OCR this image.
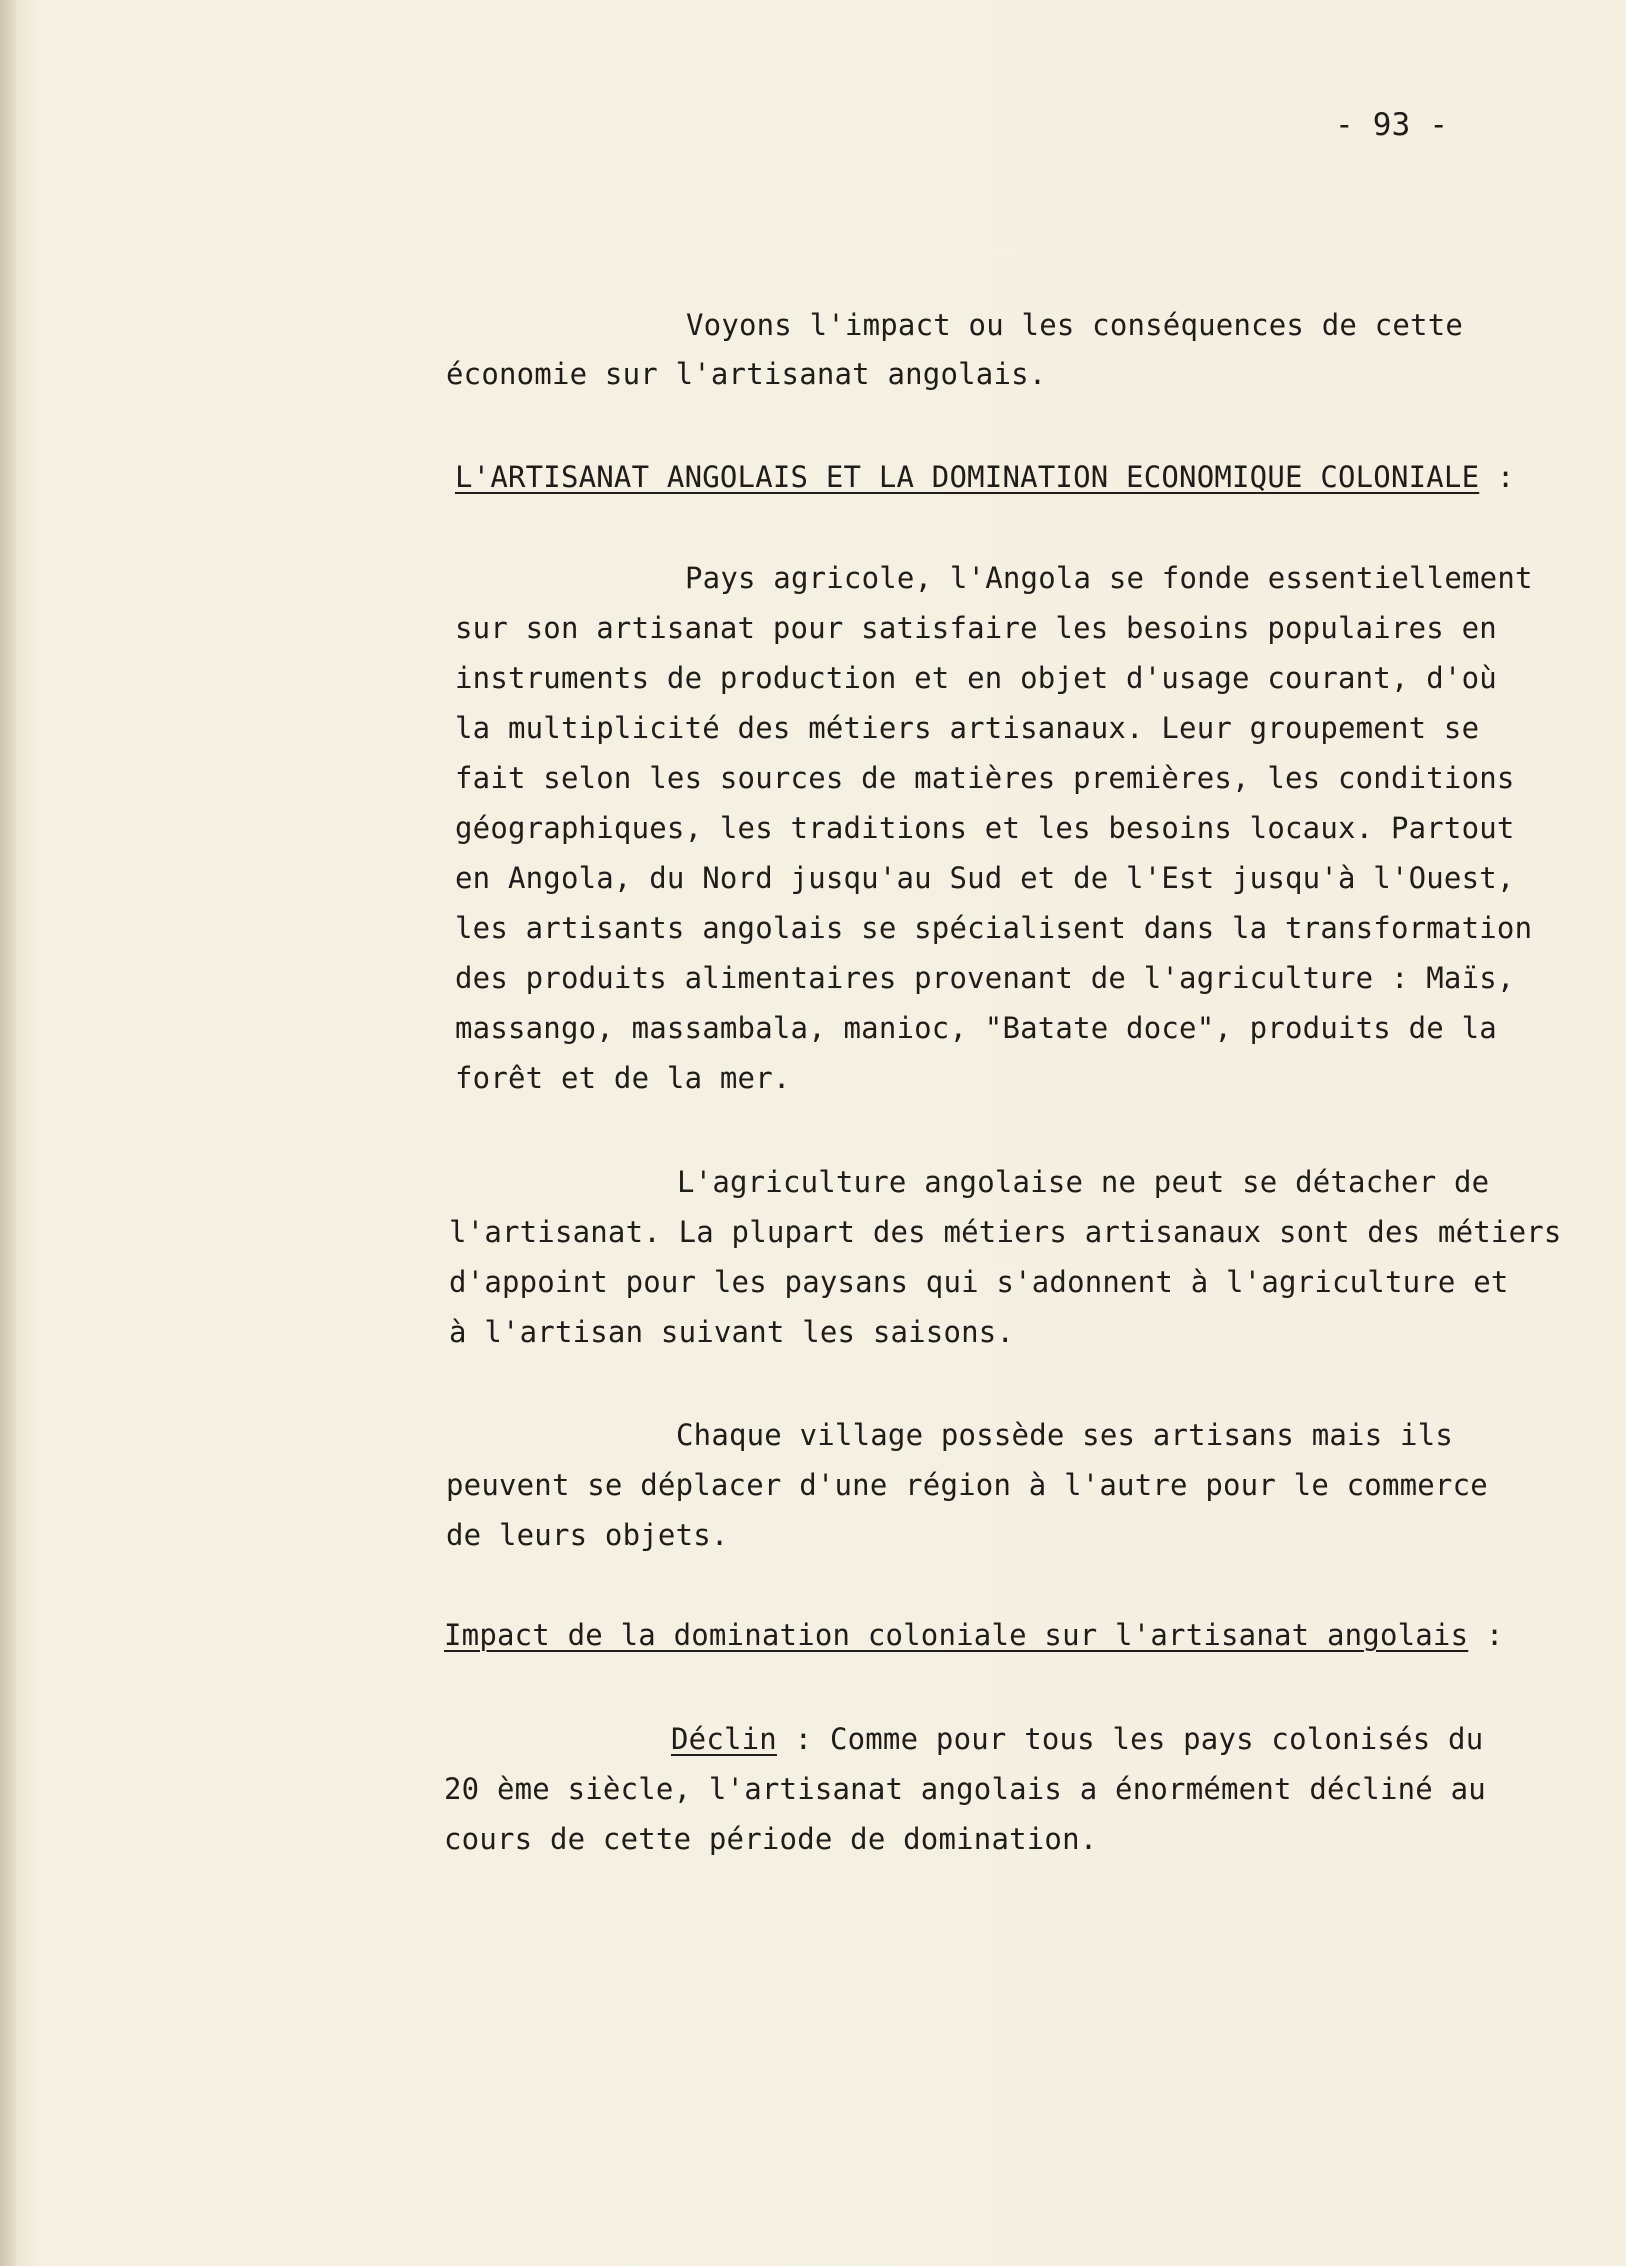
- 93 -
Voyons l'impact ou les conséquences de cette
économie sur l'artisanat angolais.
L'ARTISANAT ANGOLAIS ET LA DOMINATION ECONOMIQUE COLONIALE :
Pays agricole, l'Angola se fonde essentiellement
sur son artisanat pour satisfaire les besoins populaires en
instruments de production et en objet d'usage courant, d'où
la multiplicité des métiers artisanaux. Leur groupement se
fait selon les sources de matières premières, les conditions
géographiques, les traditions et les besoins locaux. Partout
en Angola, du Nord jusqu'au Sud et de l'Est jusqu'à l'Ouest,
les artisants angolais se spécialisent dans la transformation
des produits alimentaires provenant de l'agriculture : Maïs,
massango, massambala, manioc, "Batate doce", produits de la
forêt et de la mer.
L'agriculture angolaise ne peut se détacher de
l'artisanat. La plupart des métiers artisanaux sont des métiers
d'appoint pour les paysans qui s'adonnent à l'agriculture et
à l'artisan suivant les saisons.
Chaque village possède ses artisans mais ils
peuvent se déplacer d'une région à l'autre pour le commerce
de leurs objets.
Impact de la domination coloniale sur l'artisanat angolais :
Déclin : Comme pour tous les pays colonisés du
20 ème siècle, l'artisanat angolais a énormément décliné au
cours de cette période de domination.
